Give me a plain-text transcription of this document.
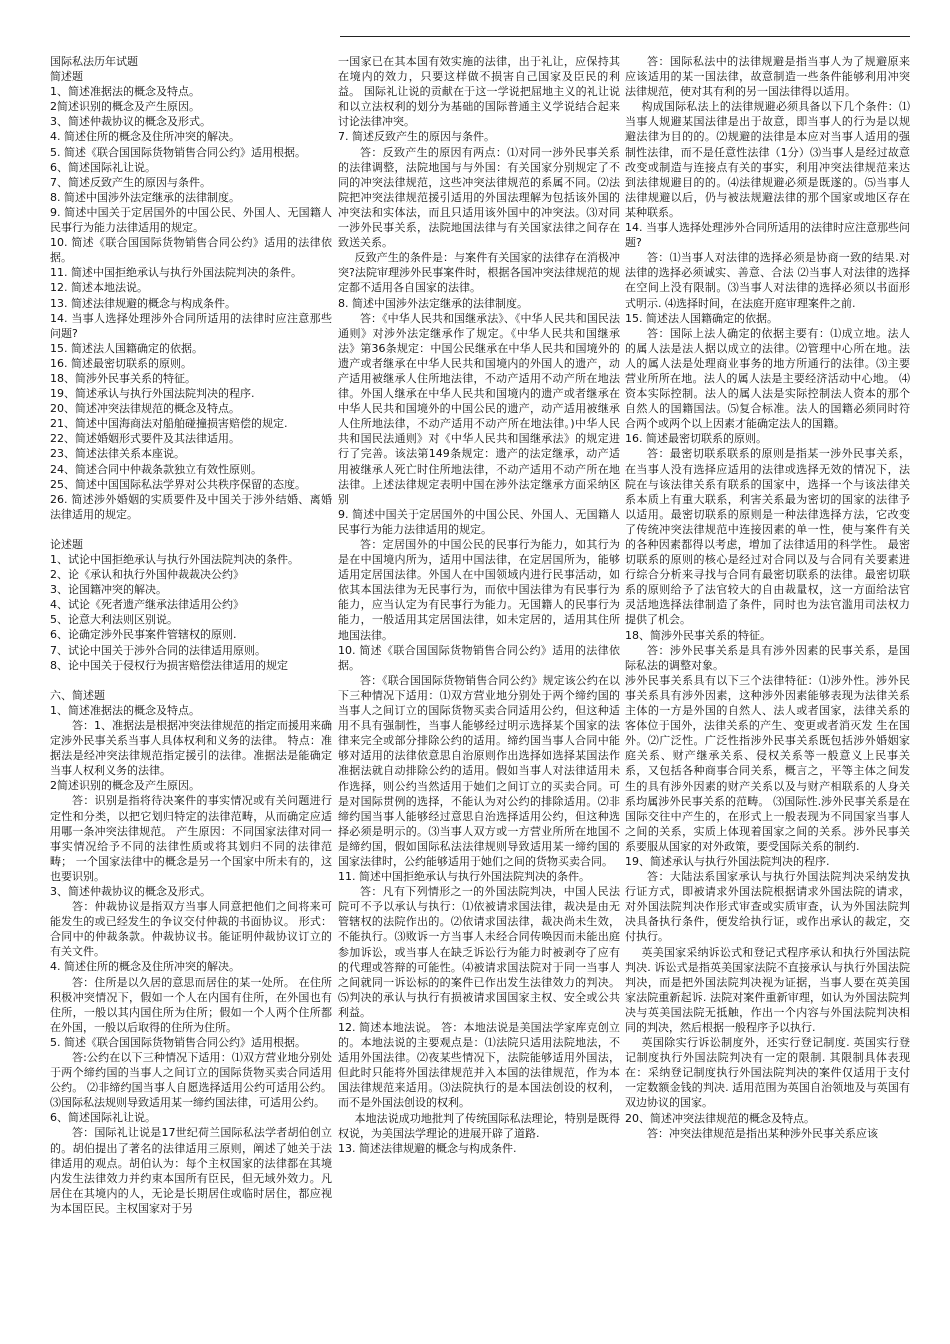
国际私法历年试题

简述题

1、简述准据法的概念及特点。

2简述识别的概念及产生原因。

3、简述仲裁协议的概念及形式。

4. 简述住所的概念及住所冲突的解决。

5. 简述《联合国国际货物销售合同公约》适用根据。

6、简述国际礼让说。

7、简述反致产生的原因与条件。

8. 简述中国涉外法定继承的法律制度。

9. 简述中国关于定居国外的中国公民、外国人、无国籍人民事行为能力法律适用的规定。

10. 简述《联合国国际货物销售合同公约》适用的法律依据。

11. 简述中国拒绝承认与执行外国法院判决的条件。

12. 简述本地法说。

13. 简述法律规避的概念与构成条件。

14. 当事人选择处理涉外合同所适用的法律时应注意那些问题?

15. 简述法人国籍确定的依据。

16. 简述最密切联系的原则。

18、简涉外民事关系的特征。

19、简述承认与执行外国法院判决的程序.

20、简述冲突法律规范的概念及特点。

21、简述中国海商法对船舶碰撞损害赔偿的规定.

22、简述婚姻形式要件及其法律适用。

23、简述法律关系本座说。

24、简述合同中仲裁条款独立有效性原则。

25、简述中国国际私法学界对公共秩序保留的态度。

26. 简述涉外婚姻的实质要件及中国关于涉外结婚、离婚法律适用的规定。

论述题

1、试论中国拒绝承认与执行外国法院判决的条件。

2、论《承认和执行外国仲裁裁决公约》

3、论国籍冲突的解决。

4、试论《死者遗产继承法律适用公约》

5、论意大利法则区别说。

6、论确定涉外民事案件管辖权的原则.

7、试论中国关于涉外合同的法律适用原则。

8、论中国关于侵权行为损害赔偿法律适用的规定

六、简述题

1、简述准据法的概念及特点。

答：1、准据法是根据冲突法律规范的指定而援用来确定涉外民事关系当事人具体权利和义务的法律。 特点：准据法是经冲突法律规范指定援引的法律。准据法是能确定当事人权利义务的法律。

2简述识别的概念及产生原因。

答：识别是指将待决案件的事实情况或有关问题进行定性和分类，以把它划归特定的法律范畴，从而确定应适用哪一条冲突法律规范。 产生原因：不同国家法律对同一事实情况给予不同的法律性质或将其划归不同的法律范畴； 一个国家法律中的概念是另一个国家中所未有的，这也要识别。

3、简述仲裁协议的概念及形式。

答：仲裁协议是指双方当事人同意把他们之间将来可能发生的或已经发生的争议交付仲裁的书面协议。 形式：合同中的仲裁条款。仲裁协议书。能证明仲裁协议订立的有关文件。

4. 简述住所的概念及住所冲突的解决。

答：住所是以久居的意思而居住的某一处所。 在住所积极冲突情况下，假如一个人在内国有住所，在外国也有住所，一般以其内国住所为住所；假如一个人两个住所都在外国，一般以后取得的住所为住所。

5. 简述《联合国国际货物销售合同公约》适用根据。

答:公约在以下三种情况下适用：⑴双方营业地分别处于两个缔约国的当事人之间订立的国际货物买卖合同适用公约。 ⑵非缔约国当事人自愿选择适用公约可适用公约。 ⑶国际私法规则导致适用某一缔约国法律，可适用公约。

6、简述国际礼让说。

答：国际礼让说是17世纪荷兰国际私法学者胡伯创立的。胡伯提出了著名的法律适用三原则，阐述了她关于法律适用的观点。胡伯认为：每个主权国家的法律都在其境内发生法律效力并约束本国所有臣民，但无域外效力。凡居住在其境内的人，无论是长期居住或临时居住，都应视为本国臣民。主权国家对于另

一国家已在其本国有效实施的法律，出于礼让，应保持其在境内的效力，只要这样做不损害自己国家及臣民的利益。 国际礼让说的贡献在于这一学说把屈地主义的礼让说和以立法权利的划分为基础的国际普通主义学说结合起来讨论法律冲突。

7. 简述反致产生的原因与条件。

答：反致产生的原因有两点：⑴对同一涉外民事关系的法律调整，法院地国与与外国：有关国家分别规定了不同的冲突法律规范，这些冲突法律规范的系属不同。⑵法院把冲突法律规范援引适用的外国法理解为包括该外国的冲突法和实体法，而且只适用该外国中的冲突法。⑶对同一涉外民事关系，法院地国法律与有关国家法律之间存在致送关系。

反致产生的条件是：与案件有关国家的法律存在消极冲突?法院审理涉外民事案件时，根据各国冲突法律规范的规定都不适用各自国家的法律。

8. 简述中国涉外法定继承的法律制度。

答：《中华人民共和国继承法》、《中华人民共和国民法通则》对涉外法定继承作了规定。《中华人民共和国继承法》第36条规定：中国公民继承在中华人民共和国境外的遗产或者继承在中华人民共和国境内的外国人的遗产，动产适用被继承人住所地法律，不动产适用不动产所在地法律。外国人继承在中华人民共和国境内的遗产或者继承在中华人民共和国境外的中国公民的遗产，动产适用被继承人住所地法律，不动产适用不动产所在地法律。)中华人民共和国民法通则》对《中华人民共和国继承法》的规定进行了完善。该法第149条规定：遗产的法定继承，动产适用被继承人死亡时住所地法律，不动产适用不动产所在地法律。上述法律规定表明中国在涉外法定继承方面采纳区别

9. 简述中国关于定居国外的中国公民、外国人、无国籍人民事行为能力法律适用的规定。

答：定居国外的中国公民的民事行为能力，如其行为是在中国境内所为，适用中国法律，在定居国所为，能够适用定居国法律。外国人在中国领域内进行民事活动，如依其本国法律为无民事行为，而依中国法律为有民事行为能力，应当认定为有民事行为能力。无国籍人的民事行为能力，一般适用其定居国法律，如未定居的，适用其住所地国法律。

10. 简述《联合国国际货物销售合同公约》适用的法律依据。

答：《联合国国际货物销售合同公约》规定该公约在以下三种情况下适用：⑴双方营业地分别处于两个缔约国的当事人之间订立的国际货物买卖合同适用公约，但这种适用不具有强制性，当事人能够经过明示选择某个国家的法律来完全或部分排除公约的适用。缔约国当事人合同中能够对适用的法律依意思自治原则作出选择如选择某国法作准据法就自动排除公约的适用。假如当事人对法律适用未作选择，则公约当然适用于她们之间订立的买卖合同。可是对国际贯例的选择，不能认为对公约的排除适用。⑵非缔约国当事人能够经过意思自治选择适用公约，但这种选择必须是明示的。⑶当事人双方或一方营业所所在地国不是缔约国，假如国际私法法律规则导致适用某一缔约国的国家法律时，公约能够适用于她们之间的货物买卖合同。

11. 简述中国拒绝承认与执行外国法院判决的条件。

答：凡有下列情形之一的外国法院判决，中国人民法院可不予以承认与执行：⑴依被请求国法律，裁决是由无管辖权的法院作出的。⑵依请求国法律，裁决尚未生效，不能执行。⑶败诉一方当事人未经合同传唤因而未能出庭参加诉讼，或当事人在缺乏诉讼行为能力时被剥夺了应有的代理或答辩的可能性。⑷被请求国法院对于同一当事人之间就同一诉讼标的的案件已作出发生法律效力的判决。⑸判决的承认与执行有损被请求国国家主权、安全或公共利益。

12. 简述本地法说。 答：本地法说是美国法学家库克创立的。本地法说的主要观点是：⑴法院只适用法院地法，不适用外国法律。⑵夜某些情况下，法院能够适用外国法，但此时只能将外国法律规范并入本国的法律规范，作为本国法律规范来适用。⑶法院执行的是本国法创设的权利，而不是外国法创设的权利。

本地法说成功地批判了传统国际私法理论，特别是既得权说，为美国法学理论的进展开辟了道路.

13. 简述法律规避的概念与构成条件.

答：国际私法中的法律规避是指当事人为了规避原来应该适用的某一国法律，故意制造一些条件能够利用冲突法律规范，使对其有利的另一国法律得以适用。

构成国际私法上的法律规避必须具备以下几个条件：⑴当事人规避某国法律是出于故意，即当事人的行为是以规避法律为目的的。⑵规避的法律是本应对当事人适用的强制性法律，而不是任意性法律（1分）⑶当事人是经过故意改变或制造与连接点有关的事实，利用冲突法律规范来达到法律规避目的的。⑷法律规避必须是既遂的。⑸当事人法律规避以后，仍与被法规避法律的那个国家或地区存在某种联系。

14. 当事人选择处理涉外合同所适用的法律时应注意那些问题?

答：⑴当事人对法律的选择必须是协商一致的结果.对法律的选择必须诚实、善意、合法 ⑵当事人对法律的选择在空间上没有限制。⑶当事人对法律的选择必须以书面形式明示. ⑷选择时间，在法庭开庭审理案件之前.

15. 简述法人国籍确定的依据。

答：国际上法人确定的依据主要有：⑴成立地。法人的属人法是法人据以成立的法律。⑵管理中心所在地。法人的属人法是处理商业事务的地方所通行的法律。⑶主要营业所所在地。法人的属人法是主要经济活动中心地。 ⑷资本实际控制。法人的属人法是实际控制法人资本的那个自然人的国籍国法。⑸复合标准。法人的国籍必须同时符合两个或两个以上因素才能确定法人的国籍。

16. 简述最密切联系的原则。

答：最密切联系联系的原则是指某一涉外民事关系，在当事人没有选择应适用的法律或选择无效的情况下，法院在与该法律关系有联系的国家中，选择一个与该法律关系本质上有重大联系，利害关系最为密切的国家的法律予以适用。最密切联系的原则是一种法律选择方法，它改变了传统冲突法律规范中连接因素的单一性，使与案件有关的各种因素都得以考虑，增加了法律适用的科学性。 最密切联系的原则的核心是经过对合同以及与合同有关要素进行综合分析来寻找与合同有最密切联系的法律。最密切联系的原则给予了法官较大的自由裁量权，这一方面给法官灵活地选择法律制造了条件，同时也为法官滥用司法权力提供了机会。

18、简涉外民事关系的特征。

答：涉外民事关系是具有涉外因素的民事关系，是国际私法的调整对象。

涉外民事关系具有以下三个法律特征：⑴涉外性。涉外民事关系具有涉外因素，这种涉外因素能够表现为法律关系主体的一方是外国的自然人、法人或者国家，法律关系的客体位于国外，法律关系的产生、变更或者消灭发 生在国外。⑵广泛性。广泛性指涉外民事关系既包括涉外婚姻家庭关系、财产继承关系、侵权关系等一般意义上民事关系，又包括各种商事合同关系，概言之，平等主体之间发生的具有涉外因素的财产关系以及与财产相联系的人身关系均属涉外民事关系的范畴。 ⑶国际性.涉外民事关系是在国际交往中产生的，在形式上一般表现为不同国家当事人之间的关系，实质上体现着国家之间的关系。涉外民事关系要服从国家的对外政策，要受国际关系的制约.

19、简述承认与执行外国法院判决的程序.

答：大陆法系国家承认与执行外国法院判决采纳发执行证方式，即被请求外国法院根据请求外国法院的请求，对外国法院判决作形式审查或实质审查，认为外国法院判决具备执行条件，便发给执行证，或作出承认的裁定，交付执行。

英美国家采纳诉讼式和登记式程序承认和执行外国法院判决. 诉讼式是指英美国家法院不直接承认与执行外国法院判决，而是把外国法院判决视为证据，当事人要在英美国家法院重新起诉. 法院对案件重新审理，如认为外国法院判决与英美国法院无抵触，作出一个内容与外国法院判决相同的判决，然后根据一般程序予以执行.

英国除实行诉讼制度外，还实行登记制度. 英国实行登记制度执行外国法院判决有一定的限制. 其限制具体表现在：采纳登记制度执行外国法院判决的案件仅适用于支付一定数额金钱的判决. 适用范围为英国自治领地及与英国有双边协议的国家。

20、简述冲突法律规范的概念及特点。

答：冲突法律规范是指出某种涉外民事关系应该
